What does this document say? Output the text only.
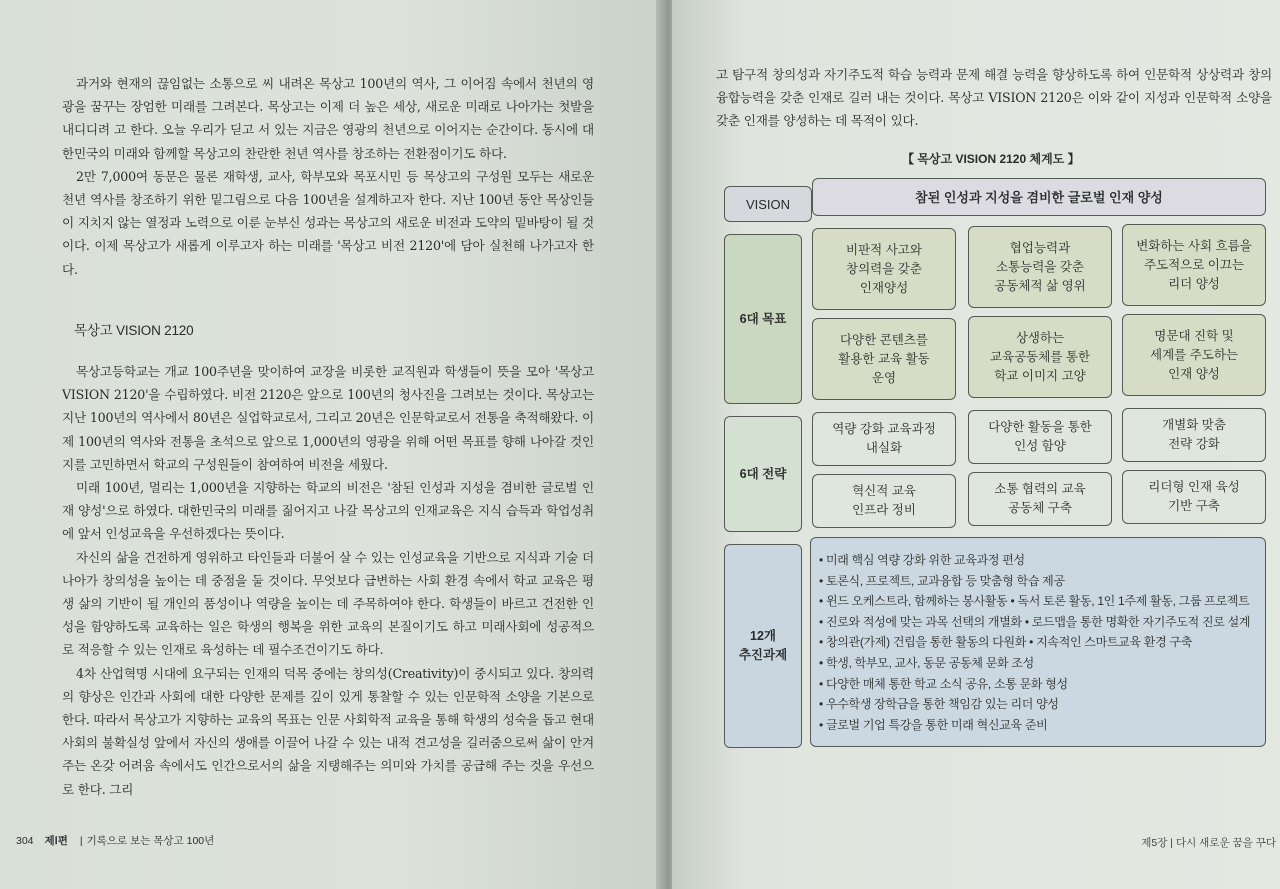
과거와 현재의 끊임없는 소통으로 씨 내려온 목상고 100년의 역사, 그 이어짐 속에서 천년의 영광을 꿈꾸는 장엄한 미래를 그려본다. 목상고는 이제 더 높은 세상, 새로운 미래로 나아가는 첫발을 내디디려 고 한다. 오늘 우리가 딛고 서 있는 지금은 영광의 천년으로 이어지는 순간이다. 동시에 대한민국의 미래와 함께할 목상고의 찬란한 천년 역사를 창조하는 전환점이기도 하다.

2만 7,000여 동문은 물론 재학생, 교사, 학부모와 목포시민 등 목상고의 구성원 모두는 새로운 천년 역사를 창조하기 위한 밑그림으로 다음 100년을 설계하고자 한다. 지난 100년 동안 목상인들이 지치지 않는 열정과 노력으로 이룬 눈부신 성과는 목상고의 새로운 비전과 도약의 밑바탕이 될 것이다. 이제 목상고가 새롭게 이루고자 하는 미래를 '목상고 비전 2120'에 담아 실천해 나가고자 한다.

목상고 VISION 2120

목상고등학교는 개교 100주년을 맞이하여 교장을 비롯한 교직원과 학생들이 뜻을 모아 '목상고 VISION 2120'을 수립하였다. 비전 2120은 앞으로 100년의 청사진을 그려보는 것이다. 목상고는 지난 100년의 역사에서 80년은 실업학교로서, 그리고 20년은 인문학교로서 전통을 축적해왔다. 이제 100년의 역사와 전통을 초석으로 앞으로 1,000년의 영광을 위해 어떤 목표를 향해 나아갈 것인지를 고민하면서 학교의 구성원들이 참여하여 비전을 세웠다.

미래 100년, 멀리는 1,000년을 지향하는 학교의 비전은 '참된 인성과 지성을 겸비한 글로벌 인재 양성'으로 하였다. 대한민국의 미래를 짊어지고 나갈 목상고의 인재교육은 지식 습득과 학업성취에 앞서 인성교육을 우선하겠다는 뜻이다.

자신의 삶을 건전하게 영위하고 타인들과 더불어 살 수 있는 인성교육을 기반으로 지식과 기술 더 나아가 창의성을 높이는 데 중점을 둘 것이다. 무엇보다 급변하는 사회 환경 속에서 학교 교육은 평생 삶의 기반이 될 개인의 품성이나 역량을 높이는 데 주목하여야 한다. 학생들이 바르고 건전한 인성을 함양하도록 교육하는 일은 학생의 행복을 위한 교육의 본질이기도 하고 미래사회에 성공적으로 적응할 수 있는 인재로 육성하는 데 필수조건이기도 하다.

4차 산업혁명 시대에 요구되는 인재의 덕목 중에는 창의성(Creativity)이 중시되고 있다. 창의력의 향상은 인간과 사회에 대한 다양한 문제를 깊이 있게 통찰할 수 있는 인문학적 소양을 기본으로 한다. 따라서 목상고가 지향하는 교육의 목표는 인문 사회학적 교육을 통해 학생의 성숙을 돕고 현대사회의 불확실성 앞에서 자신의 생애를 이끌어 나갈 수 있는 내적 견고성을 길러줌으로써 삶이 안겨주는 온갖 어려움 속에서도 인간으로서의 삶을 지탱해주는 의미와 가치를 공급해 주는 것을 우선으로 한다. 그리

304 제Ⅰ편 | 기록으로 보는 목상고 100년

고 탐구적 창의성과 자기주도적 학습 능력과 문제 해결 능력을 향상하도록 하여 인문학적 상상력과 창의 융합능력을 갖춘 인재로 길러 내는 것이다. 목상고 VISION 2120은 이와 같이 지성과 인문학적 소양을 갖춘 인재를 양성하는 데 목적이 있다.

【 목상고 VISION 2120 체계도 】
VISION	참된 인성과 지성을 겸비한 글로벌 인재 양성
6대 목표
비판적 사고와
창의력을 갖춘
인재양성
협업능력과
소통능력을 갖춘
공동체적 삶 영위
변화하는 사회 흐름을
주도적으로 이끄는
리더 양성
다양한 콘텐츠를
활용한 교육 활동
운영
상생하는
교육공동체를 통한
학교 이미지 고양
명문대 진학 및
세계를 주도하는
인재 양성
6대 전략
역량 강화 교육과정
내실화
다양한 활동을 통한
인성 함양
개별화 맞춤
전략 강화
혁신적 교육
인프라 정비
소통 협력의 교육
공동체 구축
리더형 인재 육성
기반 구축
12개
추진과제
• 미래 핵심 역량 강화 위한 교육과정 편성
• 토론식, 프로젝트, 교과융합 등 맞춤형 학습 제공
• 윈드 오케스트라, 함께하는 봉사활동 • 독서 토론 활동, 1인 1주제 활동, 그룹 프로젝트
• 진로와 적성에 맞는 과목 선택의 개별화 • 로드맵을 통한 명확한 자기주도적 진로 설계
• 창의관(가제) 건립을 통한 활동의 다원화 • 지속적인 스마트교육 환경 구축
• 학생, 학부모, 교사, 동문 공동체 문화 조성
• 다양한 매체 통한 학교 소식 공유, 소통 문화 형성
• 우수학생 장학금을 통한 책임감 있는 리더 양성
• 글로벌 기업 특강을 통한 미래 혁신교육 준비
제5장 | 다시 새로운 꿈을 꾸다
